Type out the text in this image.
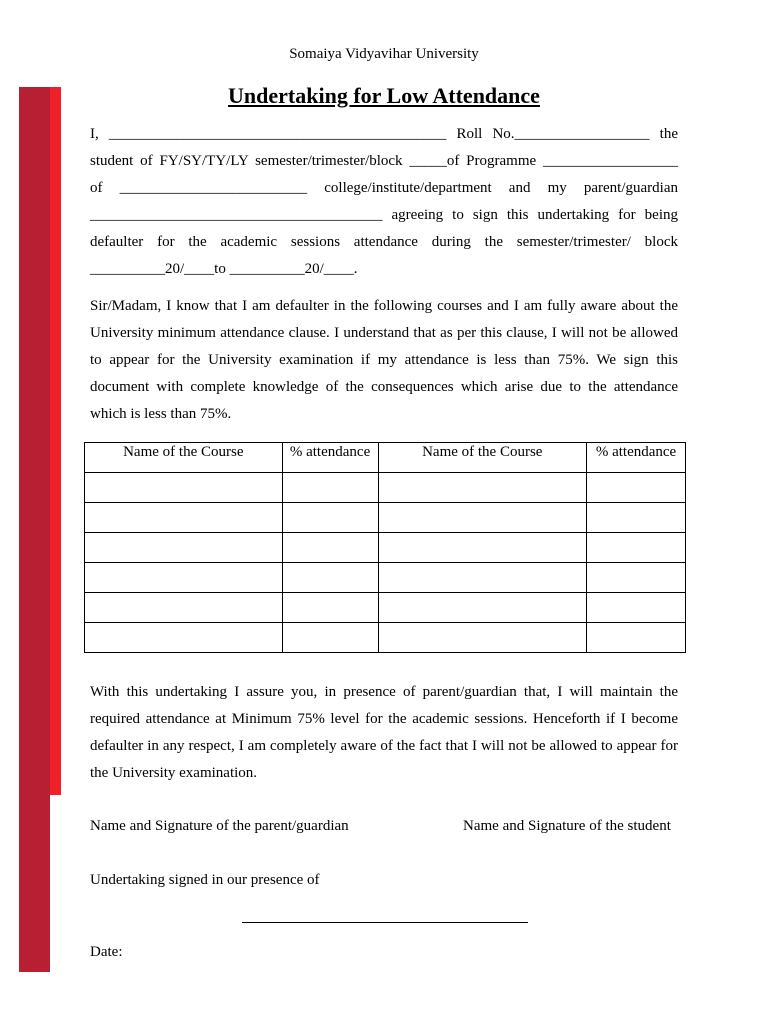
Somaiya Vidyavihar University
Undertaking for Low Attendance
I, _____________________________________________ Roll No.__________________ the
student of FY/SY/TY/LY semester/trimester/block _____of Programme __________________
of _________________________ college/institute/department and my parent/guardian
_______________________________________ agreeing to sign this undertaking for being
defaulter for the academic sessions attendance during the semester/trimester/ block
__________20/____to __________20/____.
Sir/Madam, I know that I am defaulter in the following courses and I am fully aware about the
University minimum attendance clause. I understand that as per this clause, I will not be allowed
to appear for the University examination if my attendance is less than 75%. We sign this
document with complete knowledge of the consequences which arise due to the attendance
which is less than 75%.
Name of the Course	% attendance	Name of the Course	% attendance

With this undertaking I assure you, in presence of parent/guardian that, I will maintain the
required attendance at Minimum 75% level for the academic sessions. Henceforth if I become
defaulter in any respect, I am completely aware of the fact that I will not be allowed to appear for
the University examination.
Name and Signature of the parent/guardian	Name and Signature of the student
Undertaking signed in our presence of
Date:
